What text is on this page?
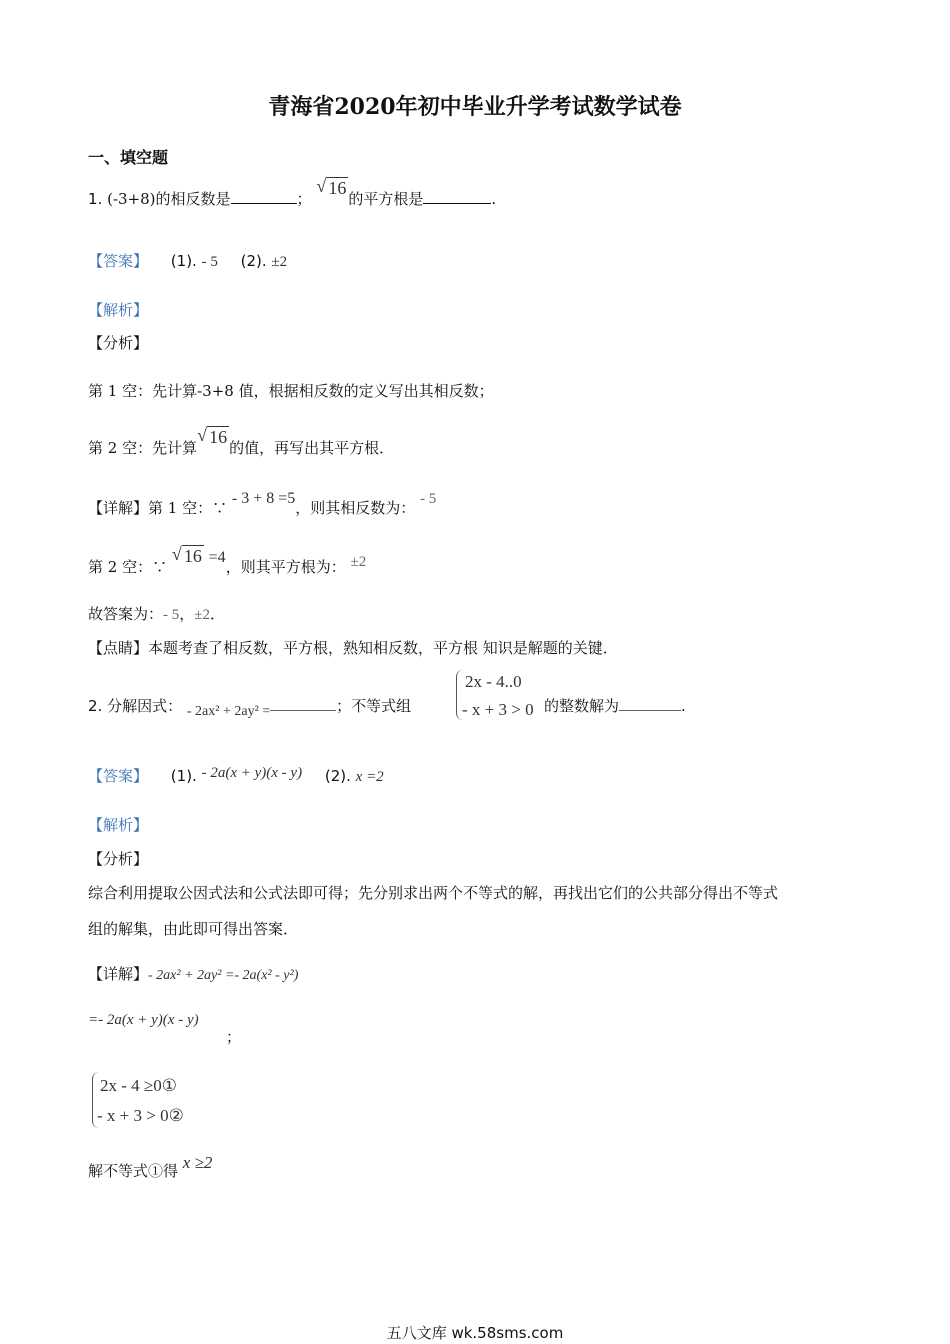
青海省2020年初中毕业升学考试数学试卷
一、填空题
1. (-3+8)的相反数是	；
√ 16的平方根是	.
【答案】 (1). - 5 (2). ±2
【解析】
【分析】
第 1 空：先计算-3+8 值，根据相反数的定义写出其相反数；
第 2 空：先计算
√ 16的值，再写出其平方根．
【详解】第 1 空：∵ - 3 + 8 =5，则其相反数为： - 5
第 2 空：∵
√ 16 =4，则其平方根为： ±2
故答案为：- 5，±2．
【点睛】本题考查了相反数，平方根，熟知相反数，平方根 知识是解题的关键．
2. 分解因式： - 2ax² + 2ay² =	；不等式组
2x - 4..0
- x + 3 > 0 的整数解为	.
【答案】 (1). - 2a(x + y)(x - y) (2). x =2
【解析】
【分析】
综合利用提取公因式法和公式法即可得；先分别求出两个不等式的解，再找出它们的公共部分得出不等式
组的解集，由此即可得出答案．
【详解】- 2ax² + 2ay² =- 2a(x² - y²)
=- 2a(x + y)(x - y)
；
2x - 4 ≥0①
- x + 3 > 0②
解不等式①得 x ≥2
五八文库 wk.58sms.com
